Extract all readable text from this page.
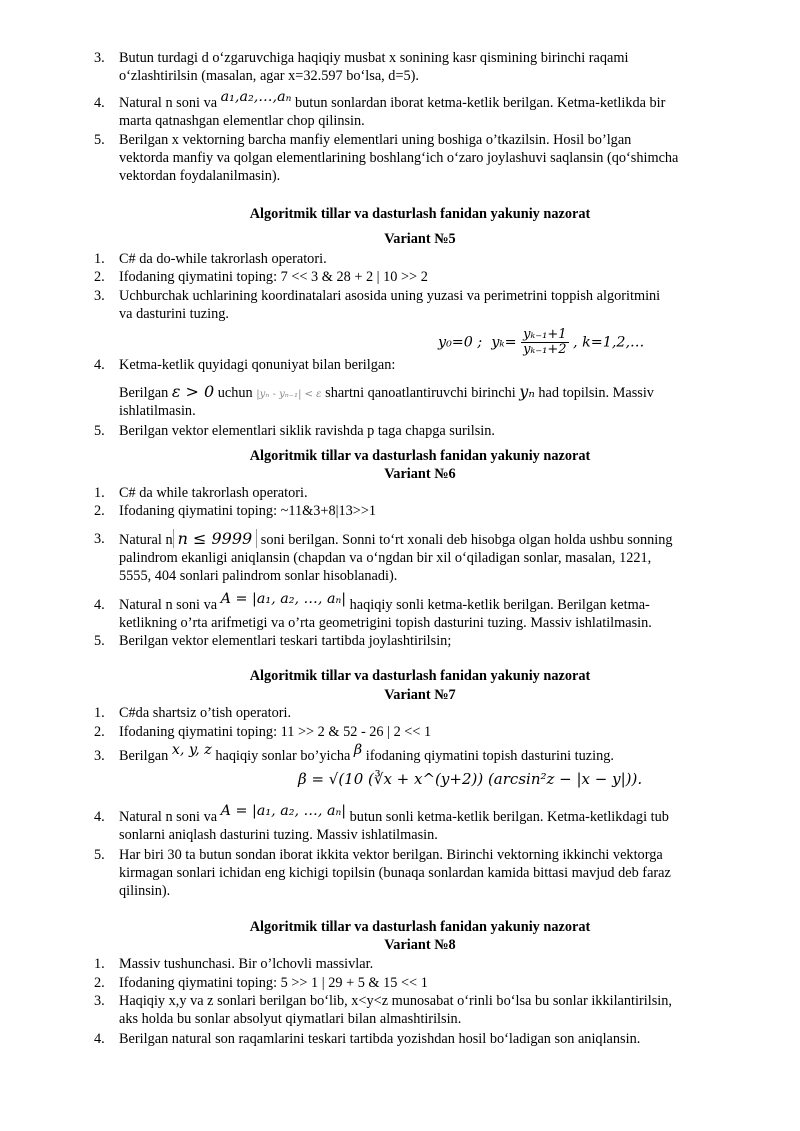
3. Butun turdagi d o‘zgaruvchiga haqiqiy musbat x sonining kasr qismining birinchi raqami
o‘zlashtirilsin (masalan, agar x=32.597 bo‘lsa, d=5).
4. Natural n soni va a₁,a₂,…,aₙ butun sonlardan iborat ketma-ketlik berilgan. Ketma-ketlikda bir
marta qatnashgan elementlar chop qilinsin.
5. Berilgan x vektorning barcha manfiy elementlari uning boshiga o’tkazilsin. Hosil bo’lgan
vektorda manfiy va qolgan elementlarining boshlang‘ich o‘zaro joylashuvi saqlansin (qo‘shimcha
vektordan foydalanilmasin).
Algoritmik tillar va dasturlash fanidan yakuniy nazorat
Variant №5
1. C# da do-while takrorlash operatori.
2. Ifodaning qiymatini toping: 7 << 3 & 28 + 2 | 10 >> 2
3. Uchburchak uchlarining koordinatalari asosida uning yuzasi va perimetrini toppish algoritmini
va dasturini tuzing.
y₀=0 ; $y_k= \frac{\text{yₖ₋₁+1}}{\text{yₖ₋₁+2}}$ , k=1,2,…
4. Ketma-ketlik quyidagi qonuniyat bilan berilgan:
Berilgan ε > 0 uchun |yₙ - yₙ₋₁| < ε shartni qanoatlantiruvchi birinchi yₙ had topilsin. Massiv
ishlatilmasin.
5. Berilgan vektor elementlari siklik ravishda p taga chapga surilsin.
Algoritmik tillar va dasturlash fanidan yakuniy nazorat
Variant №6
1. C# da while takrorlash operatori.
2. Ifodaning qiymatini toping: ~11&3+8|13>>1
3. Natural n n ≤ 9999 soni berilgan. Sonni to‘rt xonali deb hisobga olgan holda ushbu sonning
palindrom ekanligi aniqlansin (chapdan va o‘ngdan bir xil o‘qiladigan sonlar, masalan, 1221,
5555, 404 sonlari palindrom sonlar hisoblanadi).
4. Natural n soni va A = |a₁, a₂, …, aₙ| haqiqiy sonli ketma-ketlik berilgan. Berilgan ketma-
ketlikning o’rta arifmetigi va o’rta geometrigini topish dasturini tuzing. Massiv ishlatilmasin.
5. Berilgan vektor elementlari teskari tartibda joylashtirilsin;
Algoritmik tillar va dasturlash fanidan yakuniy nazorat
Variant №7
1. C#da shartsiz o’tish operatori.
2. Ifodaning qiymatini toping: 11 >> 2 & 52 - 26 | 2 << 1
3. Berilgan x, y, z haqiqiy sonlar bo’yicha β ifodaning qiymatini topish dasturini tuzing.
β = √(10 (∛x + x^(y+2)) (arcsin²z − |x − y|)).
4. Natural n soni va A = |a₁, a₂, …, aₙ| butun sonli ketma-ketlik berilgan. Ketma-ketlikdagi tub
sonlarni aniqlash dasturini tuzing. Massiv ishlatilmasin.
5. Har biri 30 ta butun sondan iborat ikkita vektor berilgan. Birinchi vektorning ikkinchi vektorga
kirmagan sonlari ichidan eng kichigi topilsin (bunaqa sonlardan kamida bittasi mavjud deb faraz
qilinsin).
Algoritmik tillar va dasturlash fanidan yakuniy nazorat
Variant №8
1. Massiv tushunchasi. Bir o’lchovli massivlar.
2. Ifodaning qiymatini toping: 5 >> 1 | 29 + 5 & 15 << 1
3. Haqiqiy x,y va z sonlari berilgan bo‘lib, x<y<z munosabat o‘rinli bo‘lsa bu sonlar ikkilantirilsin,
aks holda bu sonlar absolyut qiymatlari bilan almashtirilsin.
4. Berilgan natural son raqamlarini teskari tartibda yozishdan hosil bo‘ladigan son aniqlansin.
